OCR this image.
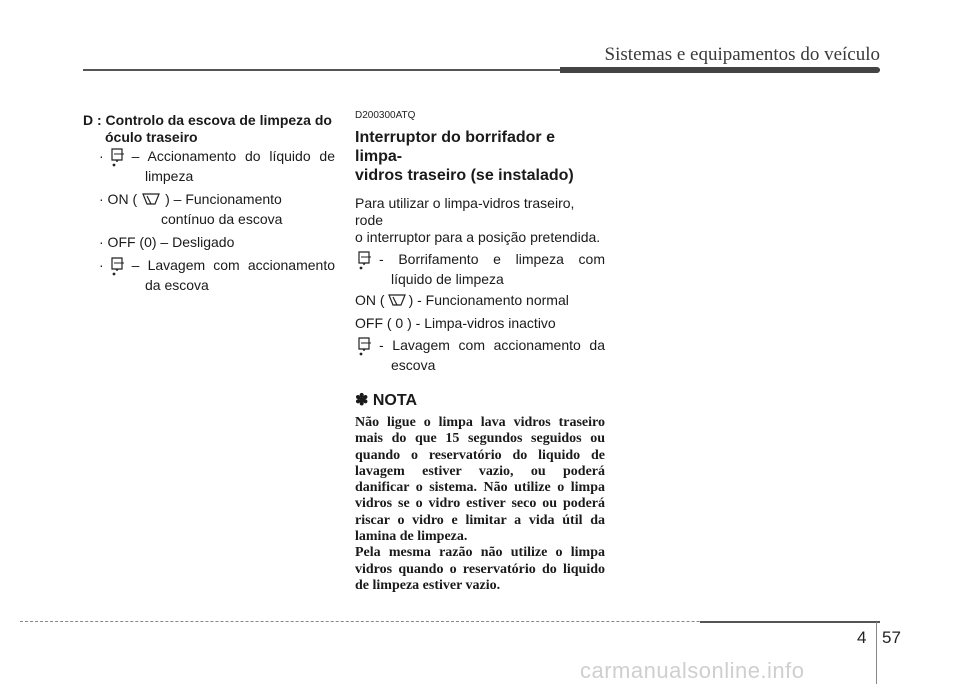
Sistemas e equipamentos do veículo
D : Controlo da escova de limpeza do
óculo traseiro
· – Accionamento do líquido de
limpeza
· ON ( ) – Funcionamento
contínuo da escova
· OFF (0) – Desligado
· – Lavagem com accionamento
da escova
D200300ATQ
Interruptor do borrifador e limpa-
vidros traseiro (se instalado)
Para utilizar o limpa-vidros traseiro, rode
o interruptor para a posição pretendida.
- Borrifamento e limpeza com
líquido de limpeza
ON ( ) - Funcionamento normal
OFF ( 0 ) - Limpa-vidros inactivo
- Lavagem com accionamento da
escova
✽ NOTA
Não ligue o limpa lava vidros traseiro
mais do que 15 segundos seguidos ou
quando o reservatório do liquido de
lavagem estiver vazio, ou poderá
danificar o sistema. Não utilize o limpa
vidros se o vidro estiver seco ou poderá
riscar o vidro e limitar a vida útil da
lamina de limpeza.
Pela mesma razão não utilize o limpa
vidros quando o reservatório do liquido
de limpeza estiver vazio.
4 57
carmanualsonline.info
